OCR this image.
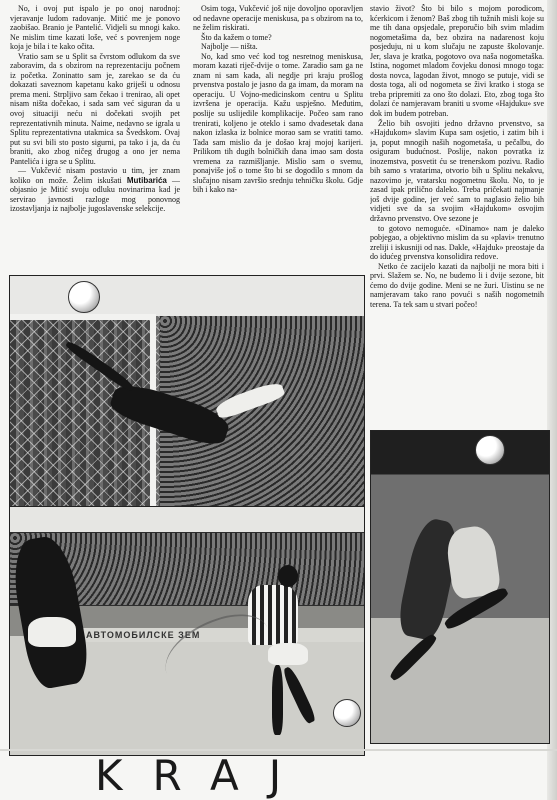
No, i ovoj put ispalo je po onoj narodnoj: vjeravanje ludom radovanje. Mitić me je ponovo zaobišao. Branio je Pantelić. Vidjeli su mnogi kako. Ne mislim time kazati loše, već s povrenjem noge koja je bila i te kako očita.

Vratio sam se u Split sa čvrstom odlukom da sve zaboravim, da s obzirom na reprezentaciju počnem iz početka. Zoninatto sam je, zarekao se da ću dokazati saveznom kapetanu kako griješi u odnosu prema meni. Strpljivo sam čekao i trenirao, ali opet nisam ništa dočekao, i sada sam već siguran da u ovoj situaciji neću ni dočekati svojih pet reprezentativnih minuta. Naime, nedavno se igrala u Splitu reprezentativna utakmica sa Švedskom. Ovaj put su svi bili sto posto sigurni, pa tako i ja, da ću braniti, ako zbog ničeg drugog a ono jer nema Pantelića i igra se u Splitu.

— Vukčević nisam postavio u tim, jer znam koliko on može. Želim iskušati Mutibarića — objasnio je Mitić svoju odluku novinarima kad je servirao javnosti razloge mog ponovnog izostavljanja iz najbolje jugoslavenske selekcije.

Osim toga, Vukčević još nije dovoljno oporavljen od nedavne operacije meniskusa, pa s obzirom na to, ne želim riskirati.

Što da kažem o tome?

Najbolje — ništa.

No, kad smo već kod tog nesretnog meniskusa, moram kazati riječ-dvije o tome. Zaradio sam ga ne znam ni sam kada, ali negdje pri kraju prošlog prvenstva postalo je jasno da ga imam, da moram na operaciju. U Vojno-medicinskom centru u Splitu izvršena je operacija. Kažu uspješno. Međutim, poslije su uslijedile komplikacije. Počeo sam rano trenirati, koljeno je oteklo i samo dvadesetak dana nakon izlaska iz bolnice morao sam se vratiti tamo. Tada sam mislio da je došao kraj mojoj karijeri. Prilikom tih dugih bolničkih dana imao sam dosta vremena za razmišljanje. Mislio sam o svemu, ponajviše još o tome što bi se dogodilo s mnom da slučajno nisam završio srednju tehničku školu. Gdje bih i kako na-

stavio život? Što bi bilo s mojom porodicom, kćerkicom i ženom? Baš zbog tih tužnih misli koje su me tih dana opsjedale, preporučio bih svim mladim nogometašima da, bez obzira na nadarenost koju posjeduju, ni u kom slučaju ne zapuste školovanje. Jer, slava je kratka, pogotovo ova naša nogometaška. Istina, nogomet mladom čovjeku donosi mnogo toga: dosta novca, lagodan život, mnogo se putuje, vidi se dosta toga, ali od nogometa se živi kratko i stoga se treba pripremiti za ono što dolazi. Eto, zbog toga što dolazi će namjeravam braniti u svome «Hajduku» sve dok im budem potreban.

Želio bih osvojiti jedno državno prvenstvo, sa «Hajdukom» slavim Kupa sam osjetio, i zatim bih i ja, poput mnogih naših nogometaša, u pečalbu, do osiguram budućnost. Poslije, nakon povratka iz inozemstva, posvetit ću se trenerskom pozivu. Radio bih samo s vratarima, otvorio bih u Splitu nekakvu, nazovimo je, vratarsku nogometnu školu. No, to je zasad ipak prilično daleko. Treba pričekati najmanje još dvije godine, jer već sam to naglasio želio bih vidjeti sve da sa svojim «Hajdukom» osvojim državno prvenstvo. Ove sezone je

to gotovo nemoguće. «Dinamo» nam je daleko pobjegao, a objektivno mislim da su «plavi» trenutno zreliji i iskusniji od nas. Dakle, «Hajduk» preostaje da do idućeg prvenstva konsolidira redove.

Netko će zacijelo kazati da najbolji ne mora biti i prvi. Slažem se. No, ne budemo li i dvije sezone, bit ćemo do dvije godine. Meni se ne žuri. Uistinu se ne namjeravam tako rano povući s naših nogometnih terena. Ta tek sam u stvari počeo!

АВТОМОБИЛСКЕ ЗЕМ
KRAJ
